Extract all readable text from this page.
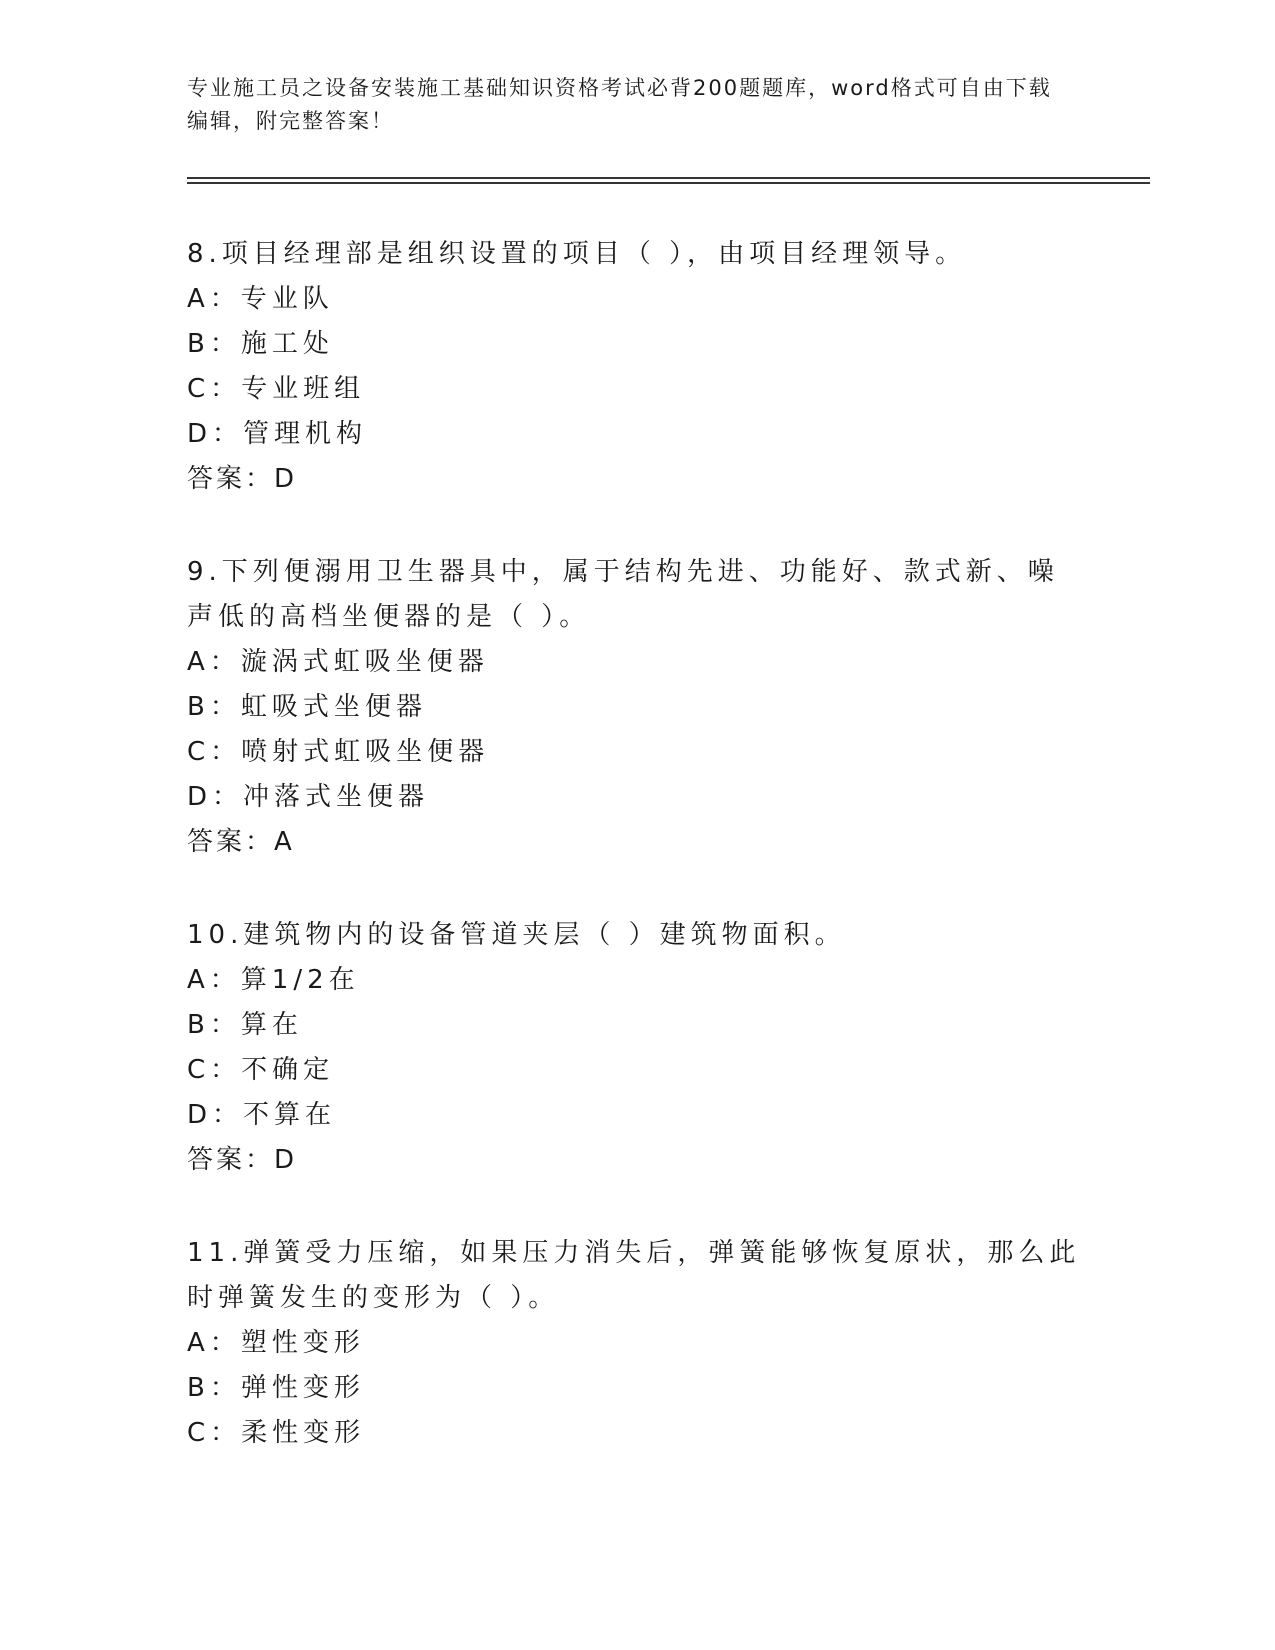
专业施工员之设备安装施工基础知识资格考试必背200题题库，word格式可自由下载编辑，附完整答案！
8.项目经理部是组织设置的项目（ ），由项目经理领导。
A：专业队
B：施工处
C：专业班组
D：管理机构
答案：D
9.下列便溺用卫生器具中，属于结构先进、功能好、款式新、噪声低的高档坐便器的是（ ）。
A：漩涡式虹吸坐便器
B：虹吸式坐便器
C：喷射式虹吸坐便器
D：冲落式坐便器
答案：A
10.建筑物内的设备管道夹层（ ）建筑物面积。
A：算1/2在
B：算在
C：不确定
D：不算在
答案：D
11.弹簧受力压缩，如果压力消失后，弹簧能够恢复原状，那么此时弹簧发生的变形为（ ）。
A：塑性变形
B：弹性变形
C：柔性变形
